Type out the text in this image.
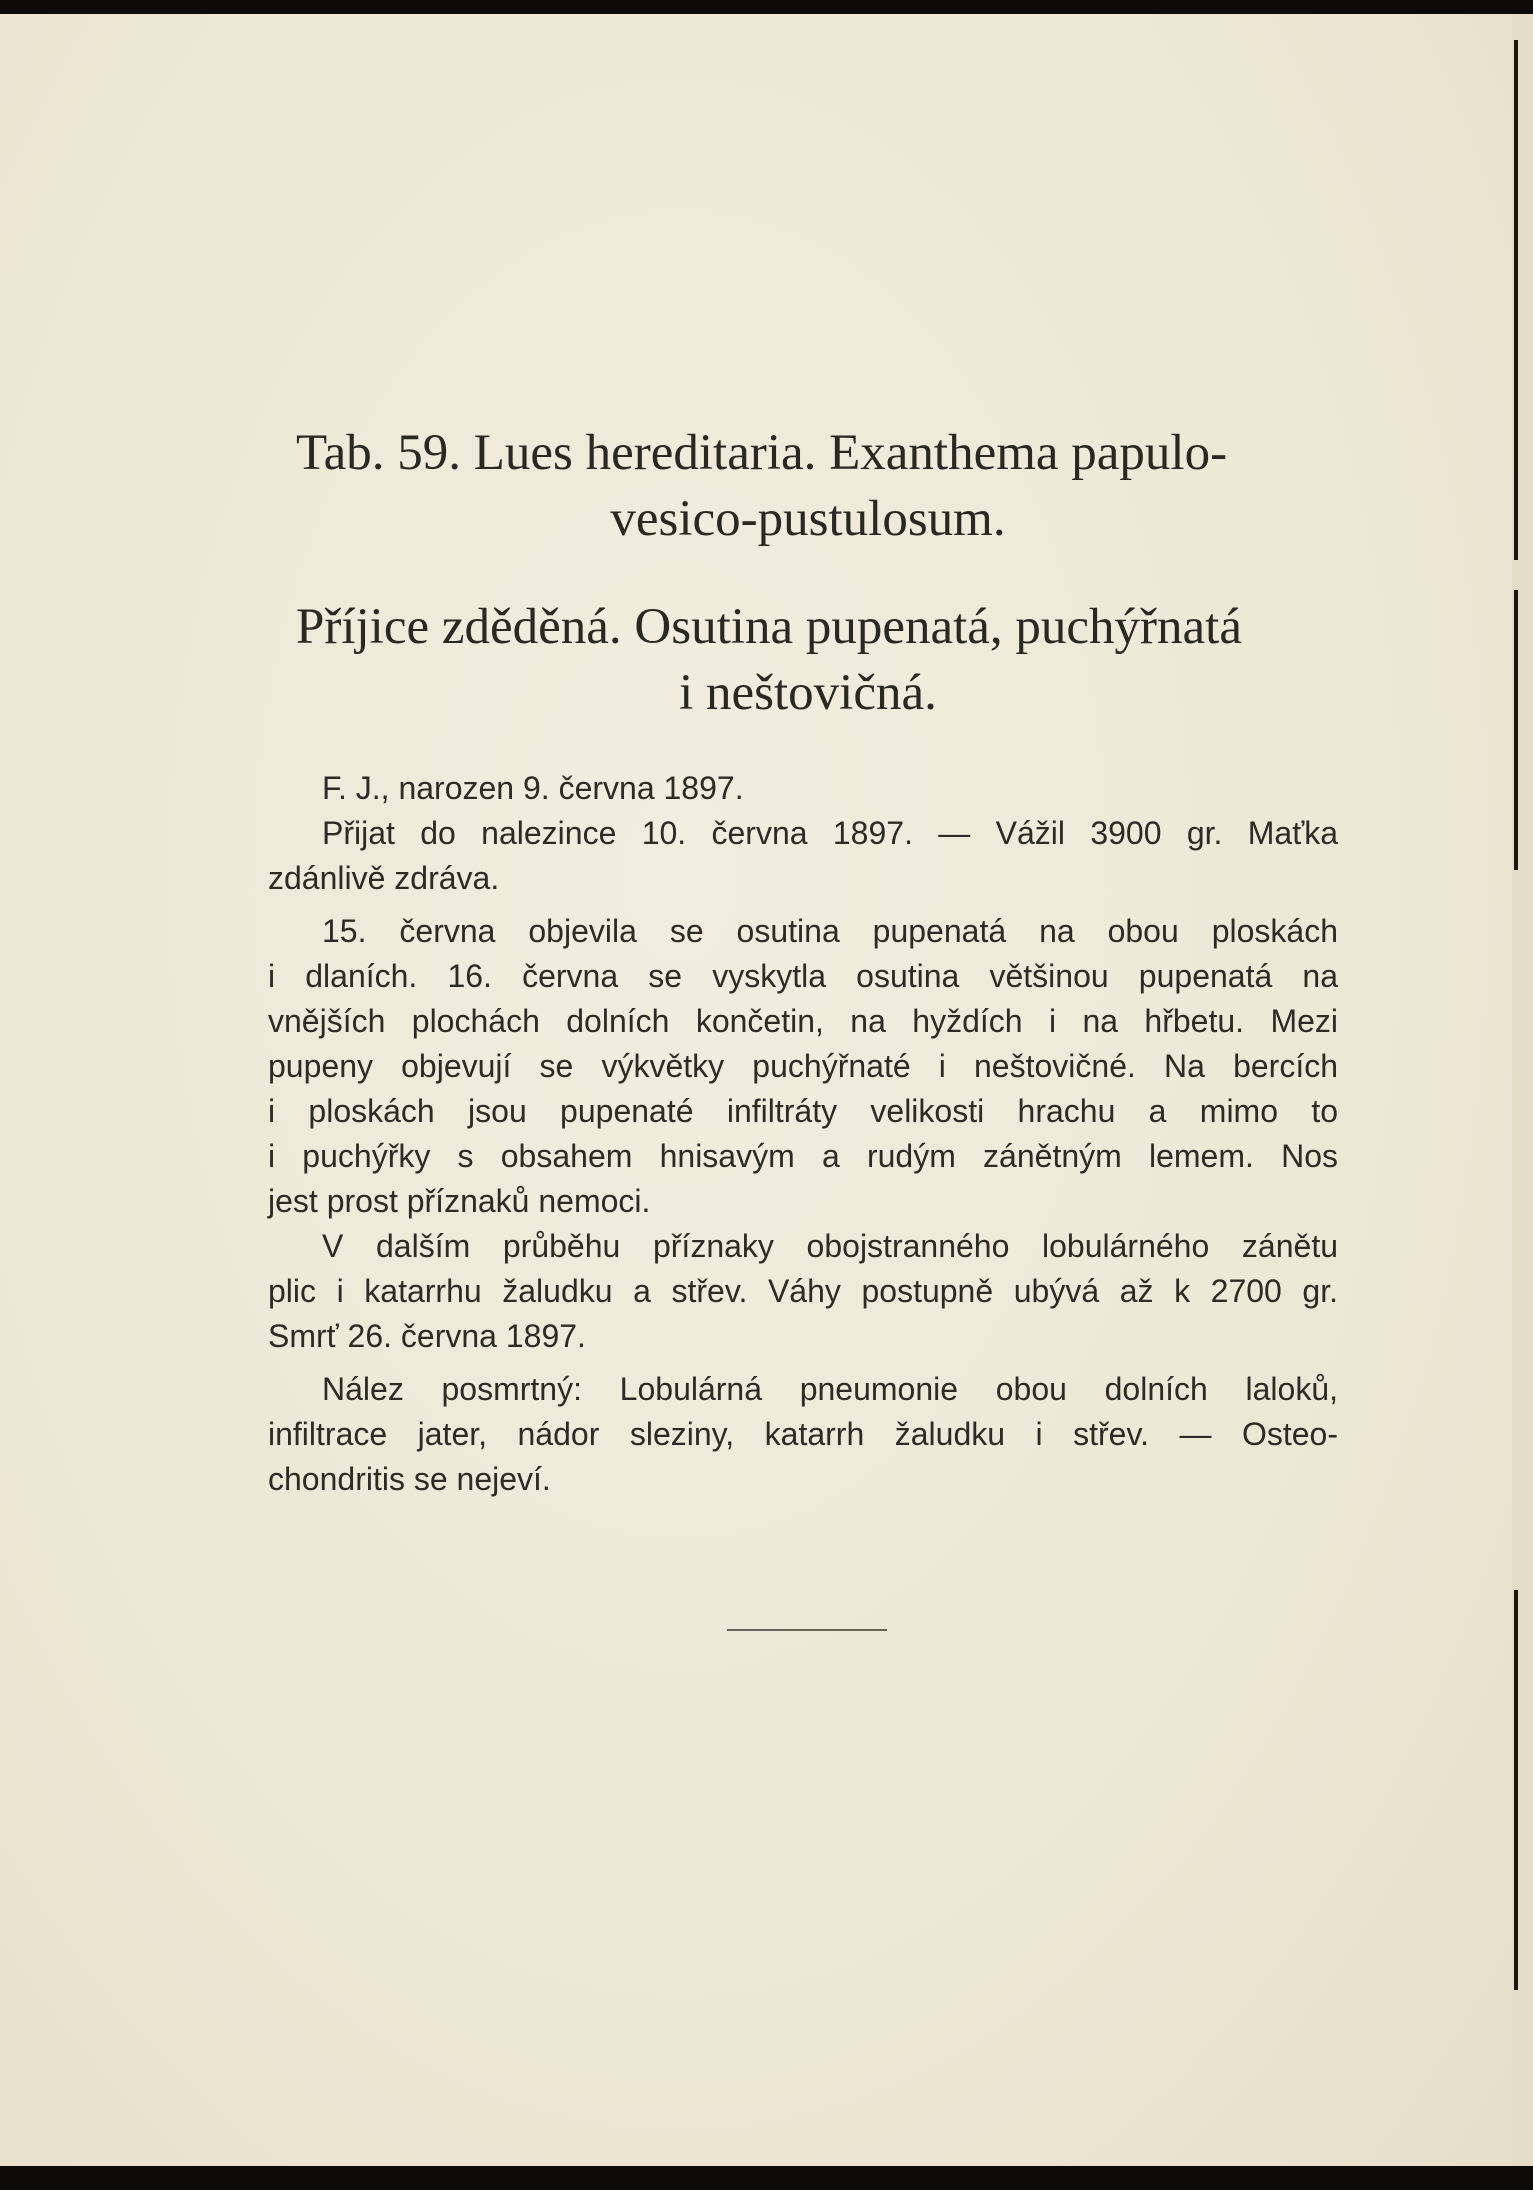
Tab. 59. Lues hereditaria. Exanthema papulo-
vesico-pustulosum.
Příjice zděděná. Osutina pupenatá, puchýřnatá
i neštovičná.

F. J., narozen 9. června 1897.

Přijat do nalezince 10. června 1897. — Vážil 3900 gr. Maťka
zdánlivě zdráva.

15. června objevila se osutina pupenatá na obou ploskách
i dlaních. 16. června se vyskytla osutina většinou pupenatá na
vnějších plochách dolních končetin, na hyždích i na hřbetu. Mezi
pupeny objevují se výkvětky puchýřnaté i neštovičné. Na bercích
i ploskách jsou pupenaté infiltráty velikosti hrachu a mimo to
i puchýřky s obsahem hnisavým a rudým zánětným lemem. Nos
jest prost příznaků nemoci.

V dalším průběhu příznaky obojstranného lobulárného zánětu
plic i katarrhu žaludku a střev. Váhy postupně ubývá až k 2700 gr.
Smrť 26. června 1897.

Nález posmrtný: Lobulárná pneumonie obou dolních laloků,
infiltrace jater, nádor sleziny, katarrh žaludku i střev. — Osteo-
chondritis se nejeví.
